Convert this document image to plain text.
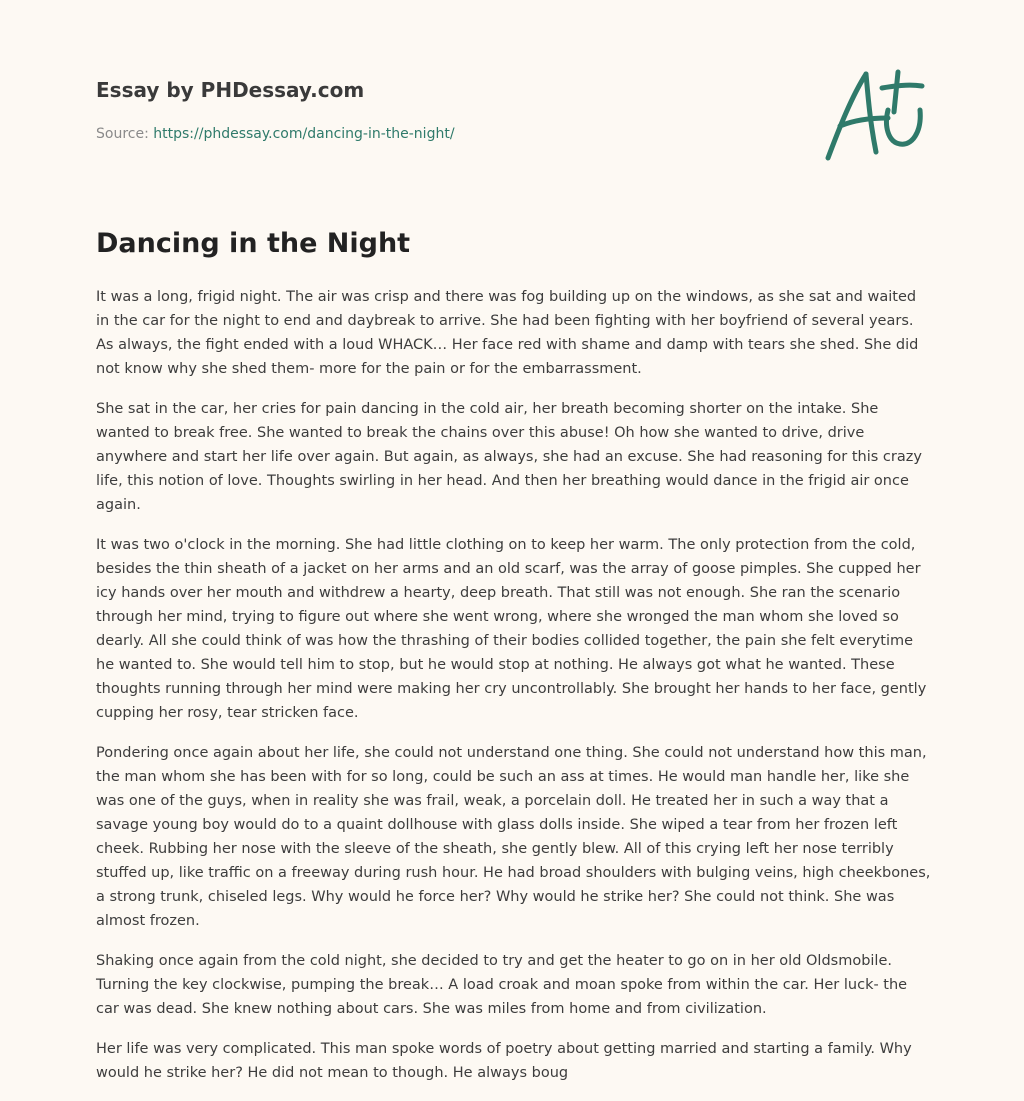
Essay by PHDessay.com
Source: https://phdessay.com/dancing-in-the-night/
Dancing in the Night

It was a long, frigid night. The air was crisp and there was fog building up on the windows, as she sat and waited in the car for the night to end and daybreak to arrive. She had been fighting with her boyfriend of several years. As always, the fight ended with a loud WHACK… Her face red with shame and damp with tears she shed. She did not know why she shed them- more for the pain or for the embarrassment.

She sat in the car, her cries for pain dancing in the cold air, her breath becoming shorter on the intake. She wanted to break free. She wanted to break the chains over this abuse! Oh how she wanted to drive, drive anywhere and start her life over again. But again, as always, she had an excuse. She had reasoning for this crazy life, this notion of love. Thoughts swirling in her head. And then her breathing would dance in the frigid air once again.

It was two o'clock in the morning. She had little clothing on to keep her warm. The only protection from the cold, besides the thin sheath of a jacket on her arms and an old scarf, was the array of goose pimples. She cupped her icy hands over her mouth and withdrew a hearty, deep breath. That still was not enough. She ran the scenario through her mind, trying to figure out where she went wrong, where she wronged the man whom she loved so dearly. All she could think of was how the thrashing of their bodies collided together, the pain she felt everytime he wanted to. She would tell him to stop, but he would stop at nothing. He always got what he wanted. These thoughts running through her mind were making her cry uncontrollably. She brought her hands to her face, gently cupping her rosy, tear stricken face.

Pondering once again about her life, she could not understand one thing. She could not understand how this man, the man whom she has been with for so long, could be such an ass at times. He would man handle her, like she was one of the guys, when in reality she was frail, weak, a porcelain doll. He treated her in such a way that a savage young boy would do to a quaint dollhouse with glass dolls inside. She wiped a tear from her frozen left cheek. Rubbing her nose with the sleeve of the sheath, she gently blew. All of this crying left her nose terribly stuffed up, like traffic on a freeway during rush hour. He had broad shoulders with bulging veins, high cheekbones, a strong trunk, chiseled legs. Why would he force her? Why would he strike her? She could not think. She was almost frozen.

Shaking once again from the cold night, she decided to try and get the heater to go on in her old Oldsmobile. Turning the key clockwise, pumping the break… A load croak and moan spoke from within the car. Her luck- the car was dead. She knew nothing about cars. She was miles from home and from civilization.

Her life was very complicated. This man spoke words of poetry about getting married and starting a family. Why would he strike her? He did not mean to though. He always boug
